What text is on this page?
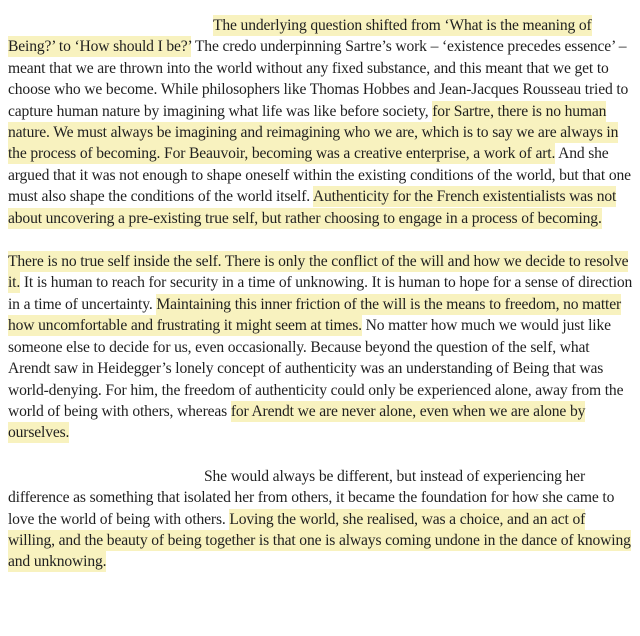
The underlying question shifted from ‘What is the meaning of Being?’ to ‘How should I be?’ The credo underpinning Sartre’s work – ‘existence precedes essence’ – meant that we are thrown into the world without any fixed substance, and this meant that we get to choose who we become. While philosophers like Thomas Hobbes and Jean-Jacques Rousseau tried to capture human nature by imagining what life was like before society, for Sartre, there is no human nature. We must always be imagining and reimagining who we are, which is to say we are always in the process of becoming. For Beauvoir, becoming was a creative enterprise, a work of art. And she argued that it was not enough to shape oneself within the existing conditions of the world, but that one must also shape the conditions of the world itself. Authenticity for the French existentialists was not about uncovering a pre-existing true self, but rather choosing to engage in a process of becoming.

There is no true self inside the self. There is only the conflict of the will and how we decide to resolve it. It is human to reach for security in a time of unknowing. It is human to hope for a sense of direction in a time of uncertainty. Maintaining this inner friction of the will is the means to freedom, no matter how uncomfortable and frustrating it might seem at times. No matter how much we would just like someone else to decide for us, even occasionally. Because beyond the question of the self, what Arendt saw in Heidegger’s lonely concept of authenticity was an understanding of Being that was world-denying. For him, the freedom of authenticity could only be experienced alone, away from the world of being with others, whereas for Arendt we are never alone, even when we are alone by ourselves.

She would always be different, but instead of experiencing her difference as something that isolated her from others, it became the foundation for how she came to love the world of being with others. Loving the world, she realised, was a choice, and an act of willing, and the beauty of being together is that one is always coming undone in the dance of knowing and unknowing.
